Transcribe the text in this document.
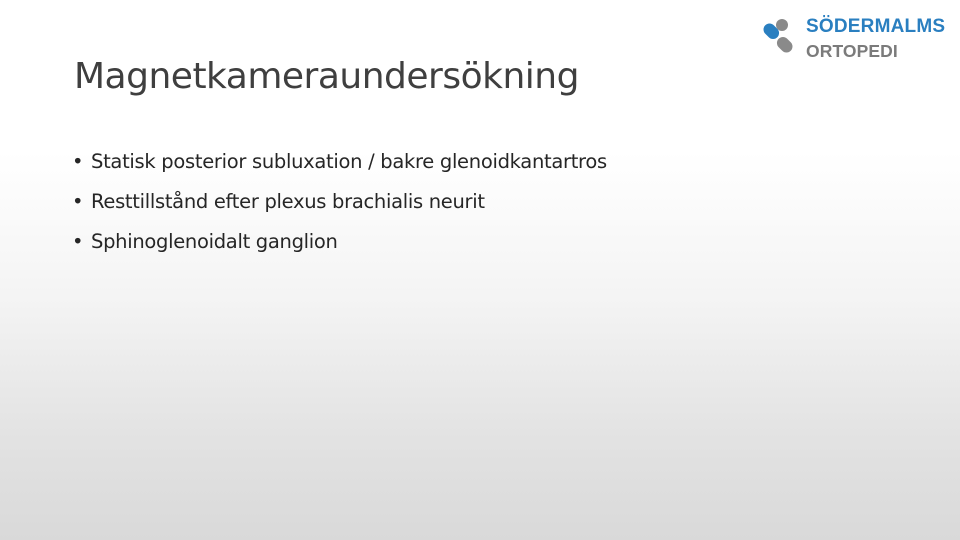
SÖDERMALMS
ORTOPEDI
Magnetkameraundersökning
• Statisk posterior subluxation / bakre glenoidkantartros
• Resttillstånd efter plexus brachialis neurit
• Sphinoglenoidalt ganglion
